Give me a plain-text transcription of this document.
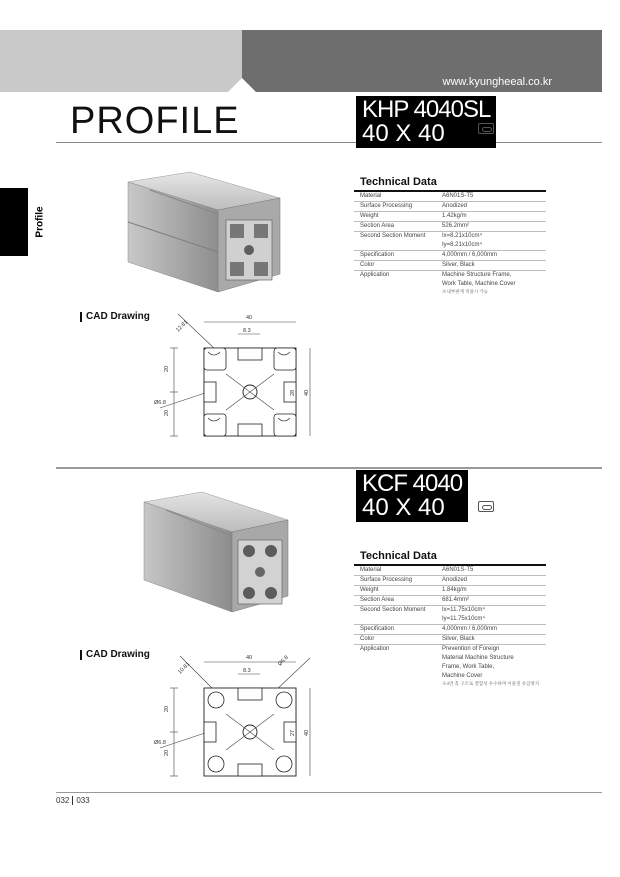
www.kyungheeal.co.kr
PROFILE
Profile
KHP 4040SL
40 X 40
Technical Data
Material	A6N01S-T5
Surface Processing	Anodized
Weight	1.42kg/m
Section Area	526.2mm²
Second Section Moment	Ix=8.21x10cm⁴
Iy=8.21x10cm⁴
Specification	4,000mm / 6,000mm
Color	Silver, Black
Application	Machine Structure Frame,
Work Table, Machine Cover
※내부판재 적용시 가능
CAD Drawing	40
8.3
20
20
28 40
12.81
Ø6.8
KCF 4040
40 X 40
Technical Data
Material	A6N01S-T5
Surface Processing	Anodized
Weight	1.84kg/m
Section Area	681.4mm²
Second Section Moment	Ix=11.75x10cm⁴
Iy=11.75x10cm⁴
Specification	4,000mm / 6,000mm
Color	Silver, Black
Application	Prevention of Foreign
Material Machine Structure
Frame, Work Table,
Machine Cover
※4면 홀 구조로 결합성 우수하며 이물질 유입방지
CAD Drawing	40
8.3
20
20
27 40
10.81
Ø6.8
Ø6.8
032 033
